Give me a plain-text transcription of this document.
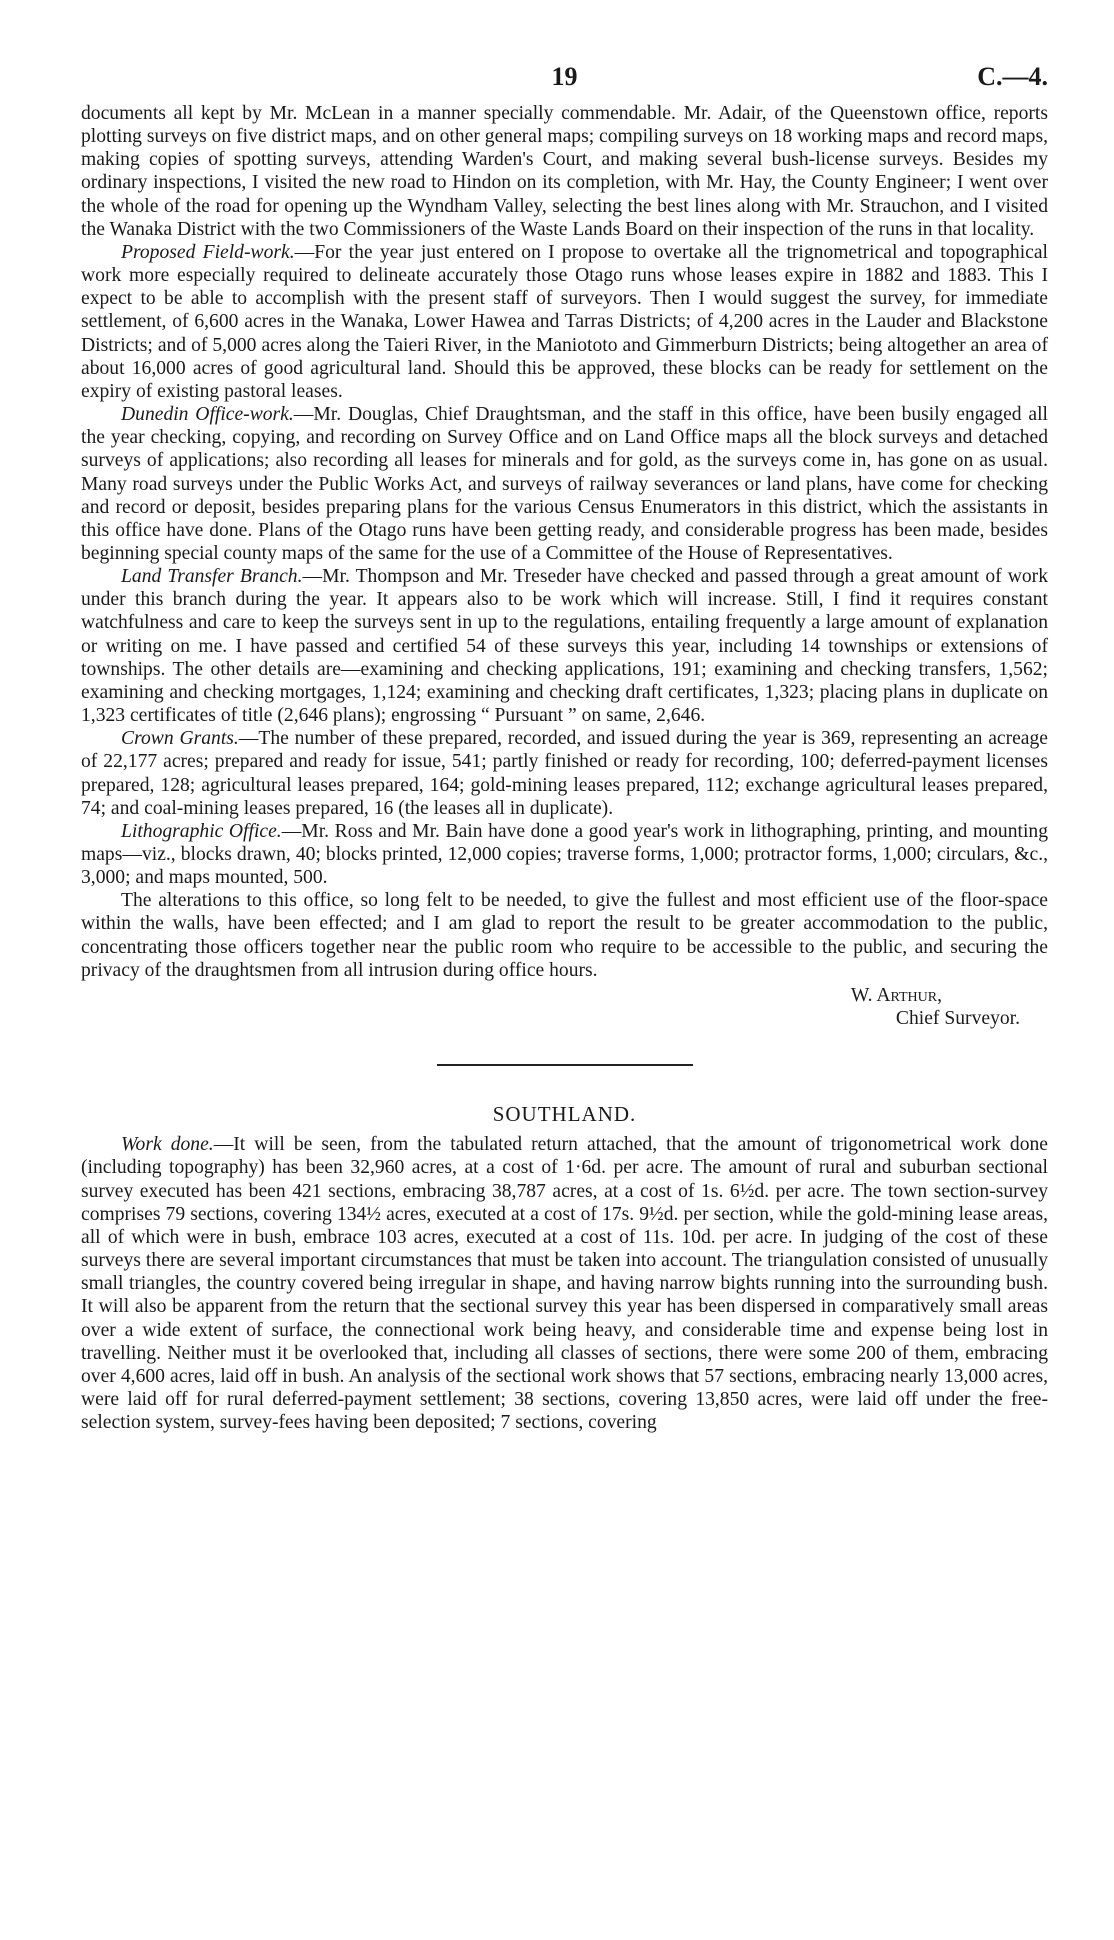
19	C.—4.

documents all kept by Mr. McLean in a manner specially commendable. Mr. Adair, of the Queenstown office, reports plotting surveys on five district maps, and on other general maps; compiling surveys on 18 working maps and record maps, making copies of spotting surveys, attending Warden's Court, and making several bush-license surveys. Besides my ordinary inspections, I visited the new road to Hindon on its completion, with Mr. Hay, the County Engineer; I went over the whole of the road for opening up the Wyndham Valley, selecting the best lines along with Mr. Strauchon, and I visited the Wanaka District with the two Commissioners of the Waste Lands Board on their inspection of the runs in that locality.

Proposed Field-work.—For the year just entered on I propose to overtake all the trignometrical and topographical work more especially required to delineate accurately those Otago runs whose leases expire in 1882 and 1883. This I expect to be able to accomplish with the present staff of surveyors. Then I would suggest the survey, for immediate settlement, of 6,600 acres in the Wanaka, Lower Hawea and Tarras Districts; of 4,200 acres in the Lauder and Blackstone Districts; and of 5,000 acres along the Taieri River, in the Maniototo and Gimmerburn Districts; being altogether an area of about 16,000 acres of good agricultural land. Should this be approved, these blocks can be ready for settlement on the expiry of existing pastoral leases.

Dunedin Office-work.—Mr. Douglas, Chief Draughtsman, and the staff in this office, have been busily engaged all the year checking, copying, and recording on Survey Office and on Land Office maps all the block surveys and detached surveys of applications; also recording all leases for minerals and for gold, as the surveys come in, has gone on as usual. Many road surveys under the Public Works Act, and surveys of railway severances or land plans, have come for checking and record or deposit, besides preparing plans for the various Census Enumerators in this district, which the assistants in this office have done. Plans of the Otago runs have been getting ready, and considerable progress has been made, besides beginning special county maps of the same for the use of a Committee of the House of Representatives.

Land Transfer Branch.—Mr. Thompson and Mr. Treseder have checked and passed through a great amount of work under this branch during the year. It appears also to be work which will increase. Still, I find it requires constant watchfulness and care to keep the surveys sent in up to the regulations, entailing frequently a large amount of explanation or writing on me. I have passed and certified 54 of these surveys this year, including 14 townships or extensions of townships. The other details are—examining and checking applications, 191; examining and checking transfers, 1,562; examining and checking mortgages, 1,124; examining and checking draft certificates, 1,323; placing plans in duplicate on 1,323 certificates of title (2,646 plans); engrossing “ Pursuant ” on same, 2,646.

Crown Grants.—The number of these prepared, recorded, and issued during the year is 369, representing an acreage of 22,177 acres; prepared and ready for issue, 541; partly finished or ready for recording, 100; deferred-payment licenses prepared, 128; agricultural leases prepared, 164; gold-mining leases prepared, 112; exchange agricultural leases prepared, 74; and coal-mining leases prepared, 16 (the leases all in duplicate).

Lithographic Office.—Mr. Ross and Mr. Bain have done a good year's work in lithographing, printing, and mounting maps—viz., blocks drawn, 40; blocks printed, 12,000 copies; traverse forms, 1,000; protractor forms, 1,000; circulars, &c., 3,000; and maps mounted, 500.

The alterations to this office, so long felt to be needed, to give the fullest and most efficient use of the floor-space within the walls, have been effected; and I am glad to report the result to be greater accommodation to the public, concentrating those officers together near the public room who require to be accessible to the public, and securing the privacy of the draughtsmen from all intrusion during office hours.

W. Arthur,
Chief Surveyor.
SOUTHLAND.

Work done.—It will be seen, from the tabulated return attached, that the amount of trigonometrical work done (including topography) has been 32,960 acres, at a cost of 1·6d. per acre. The amount of rural and suburban sectional survey executed has been 421 sections, embracing 38,787 acres, at a cost of 1s. 6½d. per acre. The town section-survey comprises 79 sections, covering 134½ acres, executed at a cost of 17s. 9½d. per section, while the gold-mining lease areas, all of which were in bush, embrace 103 acres, executed at a cost of 11s. 10d. per acre. In judging of the cost of these surveys there are several important circumstances that must be taken into account. The triangulation consisted of unusually small triangles, the country covered being irregular in shape, and having narrow bights running into the surrounding bush. It will also be apparent from the return that the sectional survey this year has been dispersed in comparatively small areas over a wide extent of surface, the connectional work being heavy, and considerable time and expense being lost in travelling. Neither must it be overlooked that, including all classes of sections, there were some 200 of them, embracing over 4,600 acres, laid off in bush. An analysis of the sectional work shows that 57 sections, embracing nearly 13,000 acres, were laid off for rural deferred-payment settlement; 38 sections, covering 13,850 acres, were laid off under the free-selection system, survey-fees having been deposited; 7 sections, covering
